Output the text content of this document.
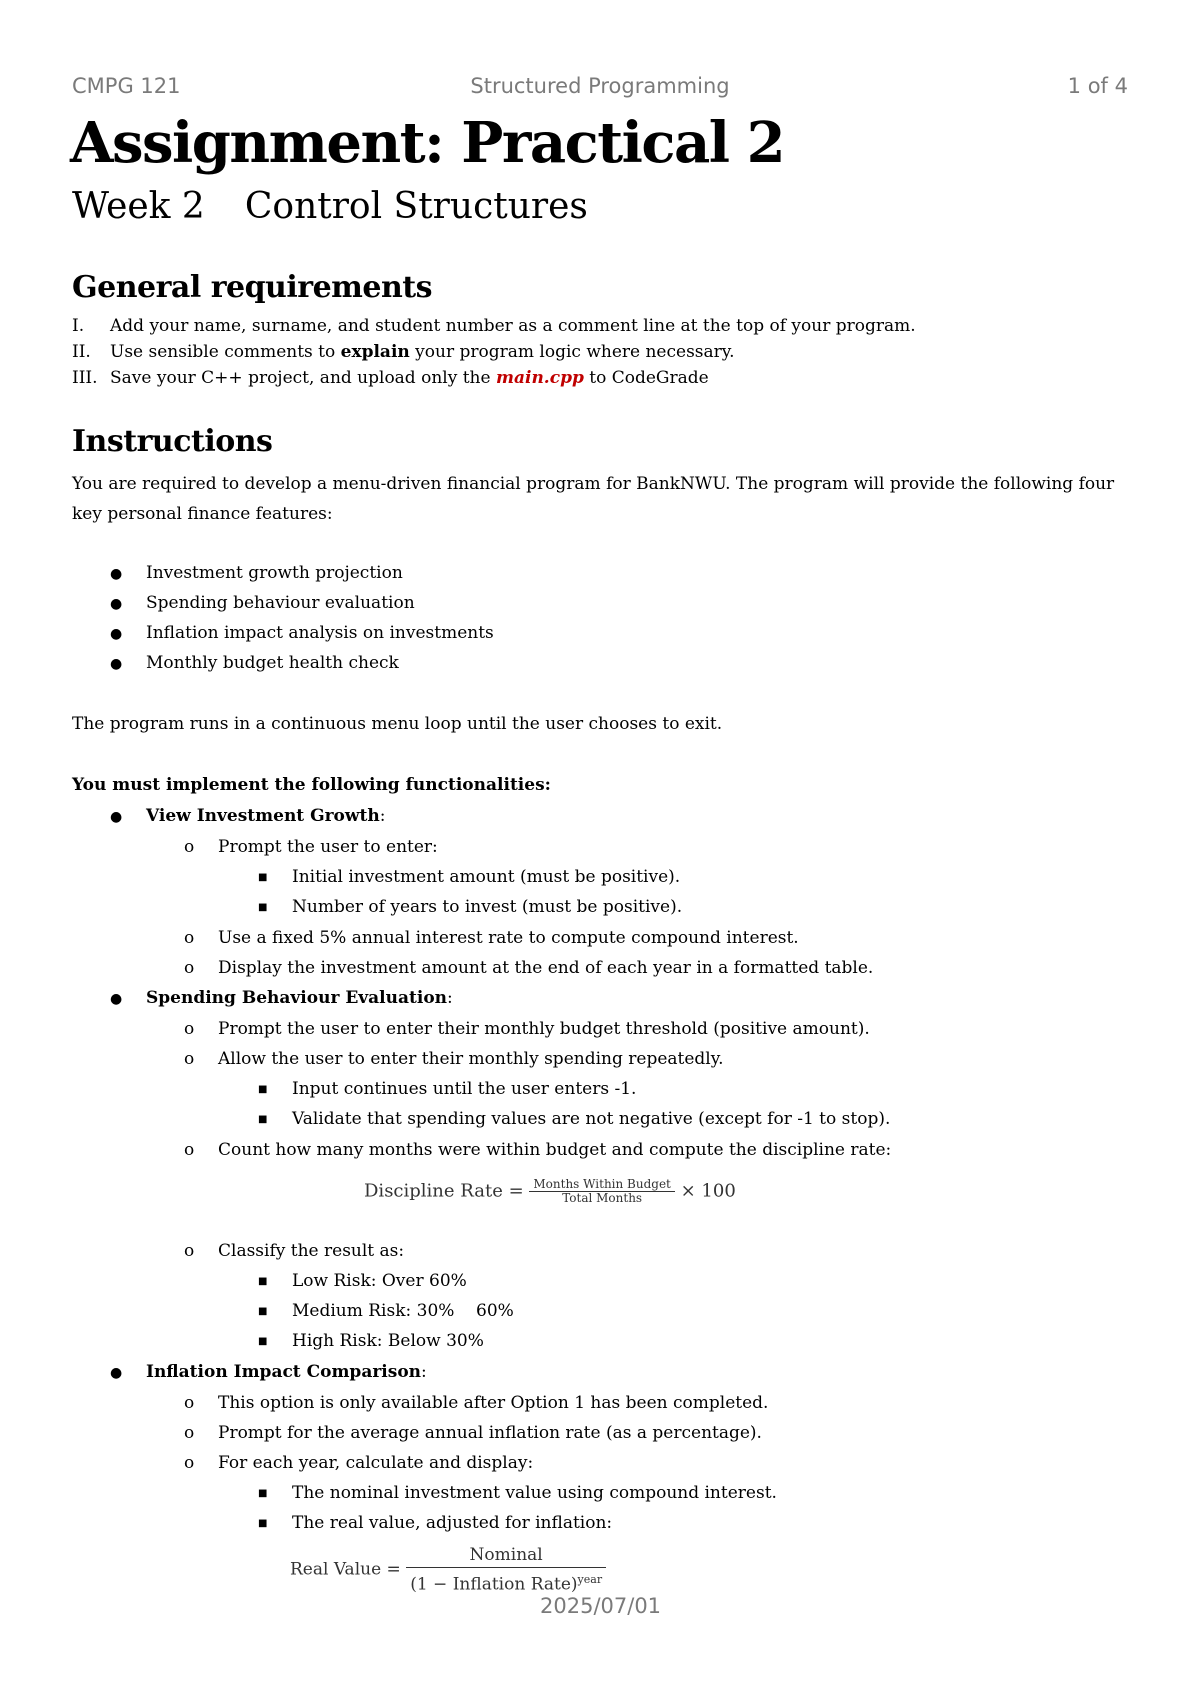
CMPG 121	Structured Programming	1 of 4
Assignment: Practical 2
Week 2 Control Structures
General requirements
I. Add your name, surname, and student number as a comment line at the top of your program.
II. Use sensible comments to explain your program logic where necessary.
III. Save your C++ project, and upload only the main.cpp to CodeGrade
Instructions
You are required to develop a menu-driven financial program for BankNWU. The program will provide the following four
key personal finance features:
● Investment growth projection
● Spending behaviour evaluation
● Inflation impact analysis on investments
● Monthly budget health check
The program runs in a continuous menu loop until the user chooses to exit.
You must implement the following functionalities:
● View Investment Growth:
o Prompt the user to enter:
■ Initial investment amount (must be positive).
■ Number of years to invest (must be positive).
o Use a fixed 5% annual interest rate to compute compound interest.
o Display the investment amount at the end of each year in a formatted table.
● Spending Behaviour Evaluation:
o Prompt the user to enter their monthly budget threshold (positive amount).
o Allow the user to enter their monthly spending repeatedly.
■ Input continues until the user enters -1.
■ Validate that spending values are not negative (except for -1 to stop).
o Count how many months were within budget and compute the discipline rate:
Discipline Rate = $\frac{\text{Months Within Budget}}{\text{Total Months}} \times 100$
o Classify the result as:
■ Low Risk: Over 60%
■ Medium Risk: 30%    60%
■ High Risk: Below 30%
● Inflation Impact Comparison:
o This option is only available after Option 1 has been completed.
o Prompt for the average annual inflation rate (as a percentage).
o For each year, calculate and display:
■ The nominal investment value using compound interest.
■ The real value, adjusted for inflation:
2025/07/01
Real Value = $\frac{\text{Nominal}}{(1 - Inflation Rate)^{year}}$
